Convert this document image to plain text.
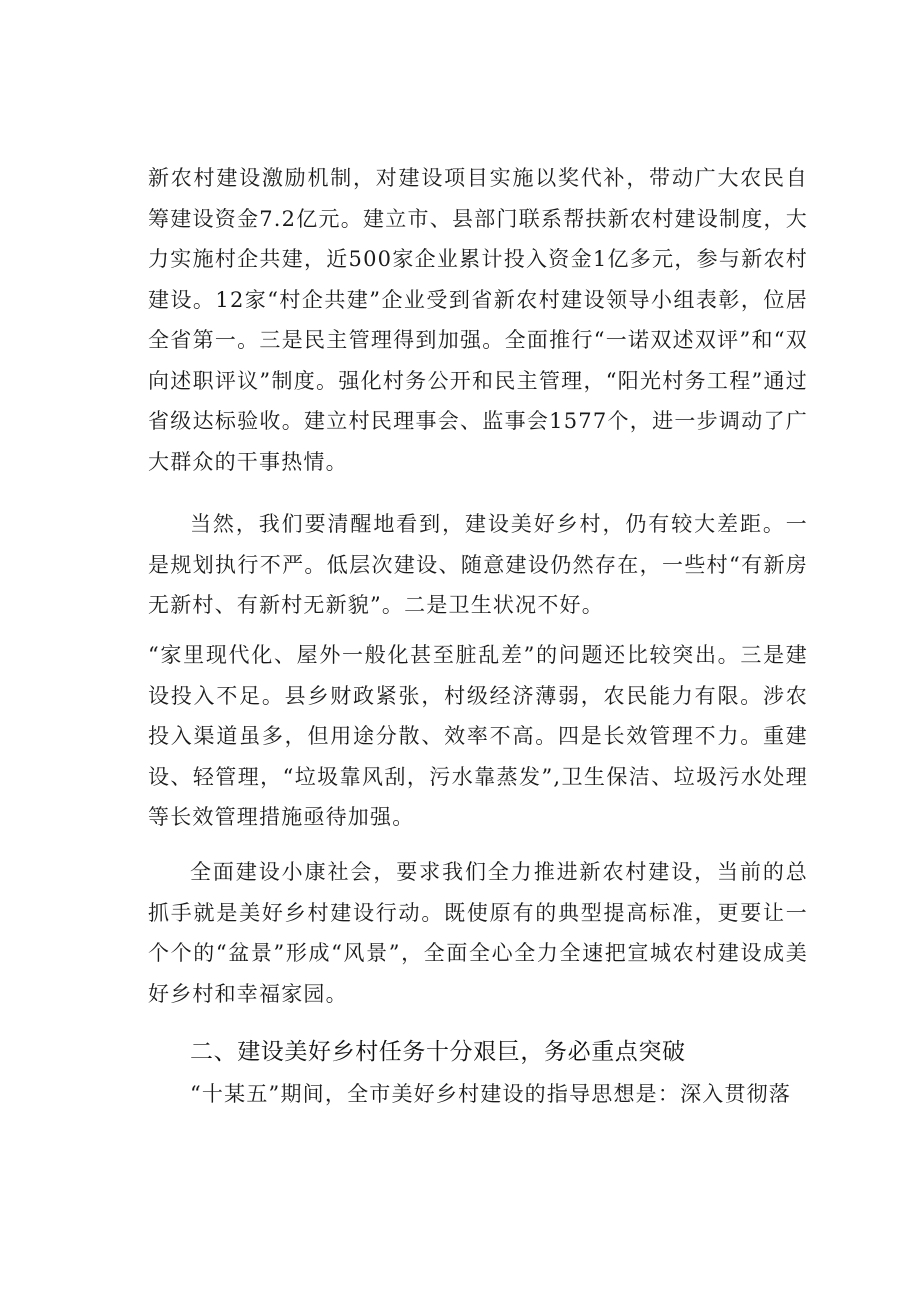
新农村建设激励机制，对建设项目实施以奖代补，带动广大农民自筹建设资金7.2亿元。建立市、县部门联系帮扶新农村建设制度，大力实施村企共建，近500家企业累计投入资金1亿多元，参与新农村建设。12家“村企共建”企业受到省新农村建设领导小组表彰，位居全省第一。三是民主管理得到加强。全面推行“一诺双述双评”和“双向述职评议”制度。强化村务公开和民主管理，“阳光村务工程”通过省级达标验收。建立村民理事会、监事会1577个，进一步调动了广大群众的干事热情。

当然，我们要清醒地看到，建设美好乡村，仍有较大差距。一是规划执行不严。低层次建设、随意建设仍然存在，一些村“有新房无新村、有新村无新貌”。二是卫生状况不好。

“家里现代化、屋外一般化甚至脏乱差”的问题还比较突出。三是建设投入不足。县乡财政紧张，村级经济薄弱，农民能力有限。涉农投入渠道虽多，但用途分散、效率不高。四是长效管理不力。重建设、轻管理，“垃圾靠风刮，污水靠蒸发”,卫生保洁、垃圾污水处理等长效管理措施亟待加强。

全面建设小康社会，要求我们全力推进新农村建设，当前的总抓手就是美好乡村建设行动。既使原有的典型提高标准，更要让一个个的“盆景”形成“风景”，全面全心全力全速把宣城农村建设成美好乡村和幸福家园。

二、建设美好乡村任务十分艰巨，务必重点突破

“十某五”期间，全市美好乡村建设的指导思想是：深入贯彻落
